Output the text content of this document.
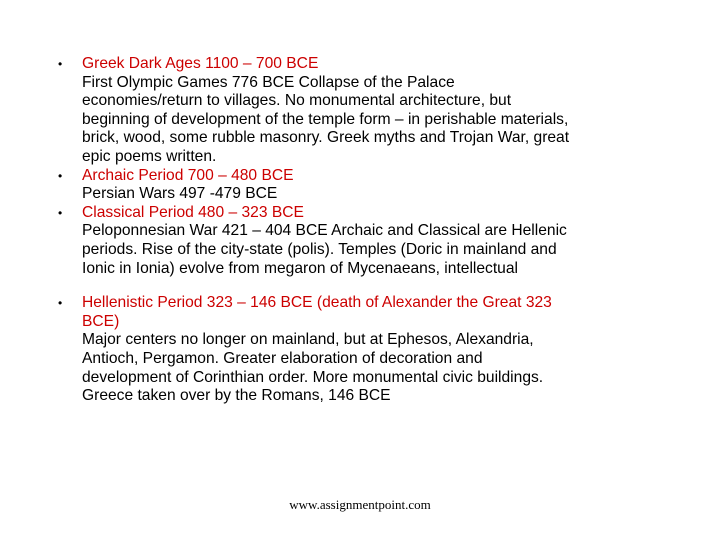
• Greek Dark Ages 1100 – 700 BCE
First Olympic Games 776 BCE Collapse of the Palace
economies/return to villages. No monumental architecture, but
beginning of development of the temple form – in perishable materials,
brick, wood, some rubble masonry. Greek myths and Trojan War, great
epic poems written.
• Archaic Period 700 – 480 BCE
Persian Wars 497 -479 BCE
• Classical Period 480 – 323 BCE
Peloponnesian War 421 – 404 BCE Archaic and Classical are Hellenic
periods. Rise of the city-state (polis). Temples (Doric in mainland and
Ionic in Ionia) evolve from megaron of Mycenaeans, intellectual
• Hellenistic Period 323 – 146 BCE (death of Alexander the Great 323
BCE)
Major centers no longer on mainland, but at Ephesos, Alexandria,
Antioch, Pergamon. Greater elaboration of decoration and
development of Corinthian order. More monumental civic buildings.
Greece taken over by the Romans, 146 BCE
www.assignmentpoint.com
